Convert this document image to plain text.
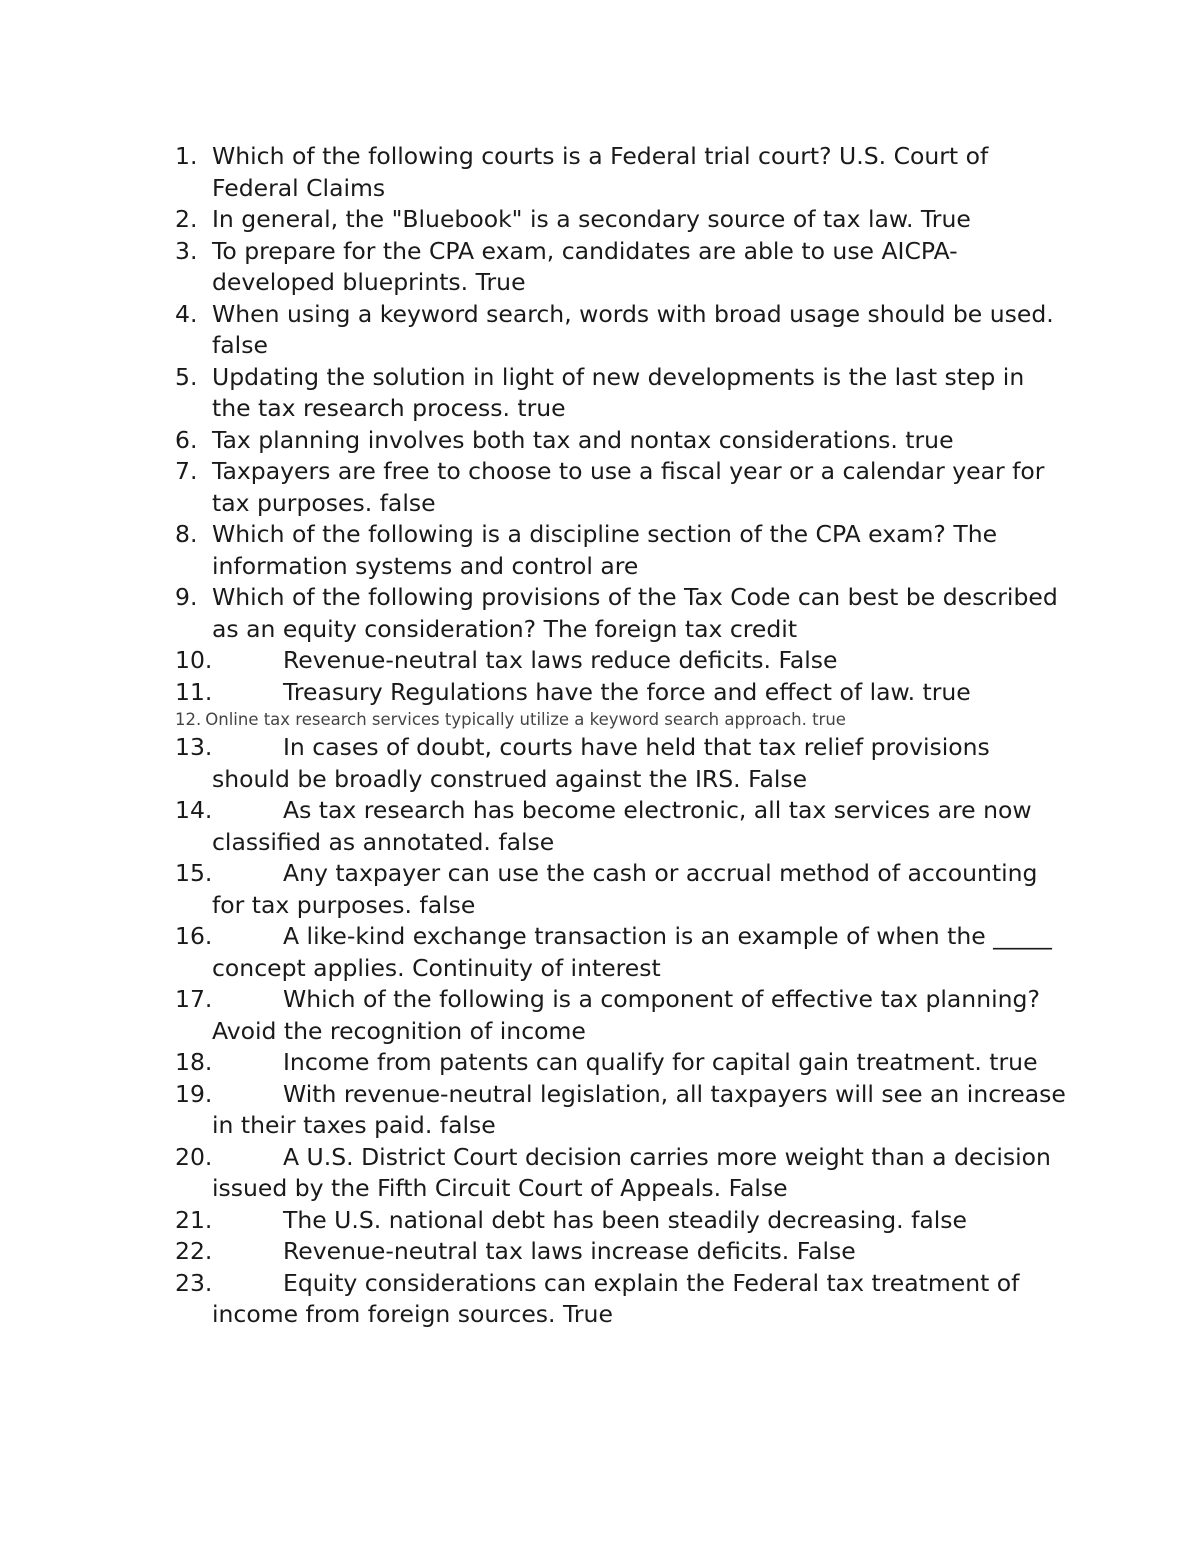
1. Which of the following courts is a Federal trial court? U.S. Court of Federal Claims
2. In general, the "Bluebook" is a secondary source of tax law. True
3. To prepare for the CPA exam, candidates are able to use AICPA-developed blueprints. True
4. When using a keyword search, words with broad usage should be used. false
5. Updating the solution in light of new developments is the last step in the tax research process. true
6. Tax planning involves both tax and nontax considerations. true
7. Taxpayers are free to choose to use a fiscal year or a calendar year for tax purposes. false
8. Which of the following is a discipline section of the CPA exam? The information systems and control are
9. Which of the following provisions of the Tax Code can best be described as an equity consideration? The foreign tax credit
10.	Revenue-neutral tax laws reduce deficits. False
11.	Treasury Regulations have the force and effect of law. true
12. Online tax research services typically utilize a keyword search approach. true
13.	In cases of doubt, courts have held that tax relief provisions should be broadly construed against the IRS. False
14.	As tax research has become electronic, all tax services are now classified as annotated. false
15.	Any taxpayer can use the cash or accrual method of accounting for tax purposes. false
16.	A like-kind exchange transaction is an example of when the _____ concept applies. Continuity of interest
17.	Which of the following is a component of effective tax planning? Avoid the recognition of income
18.	Income from patents can qualify for capital gain treatment. true
19.	With revenue-neutral legislation, all taxpayers will see an increase in their taxes paid. false
20.	A U.S. District Court decision carries more weight than a decision issued by the Fifth Circuit Court of Appeals. False
21.	The U.S. national debt has been steadily decreasing. false
22.	Revenue-neutral tax laws increase deficits. False
23.	Equity considerations can explain the Federal tax treatment of income from foreign sources. True
